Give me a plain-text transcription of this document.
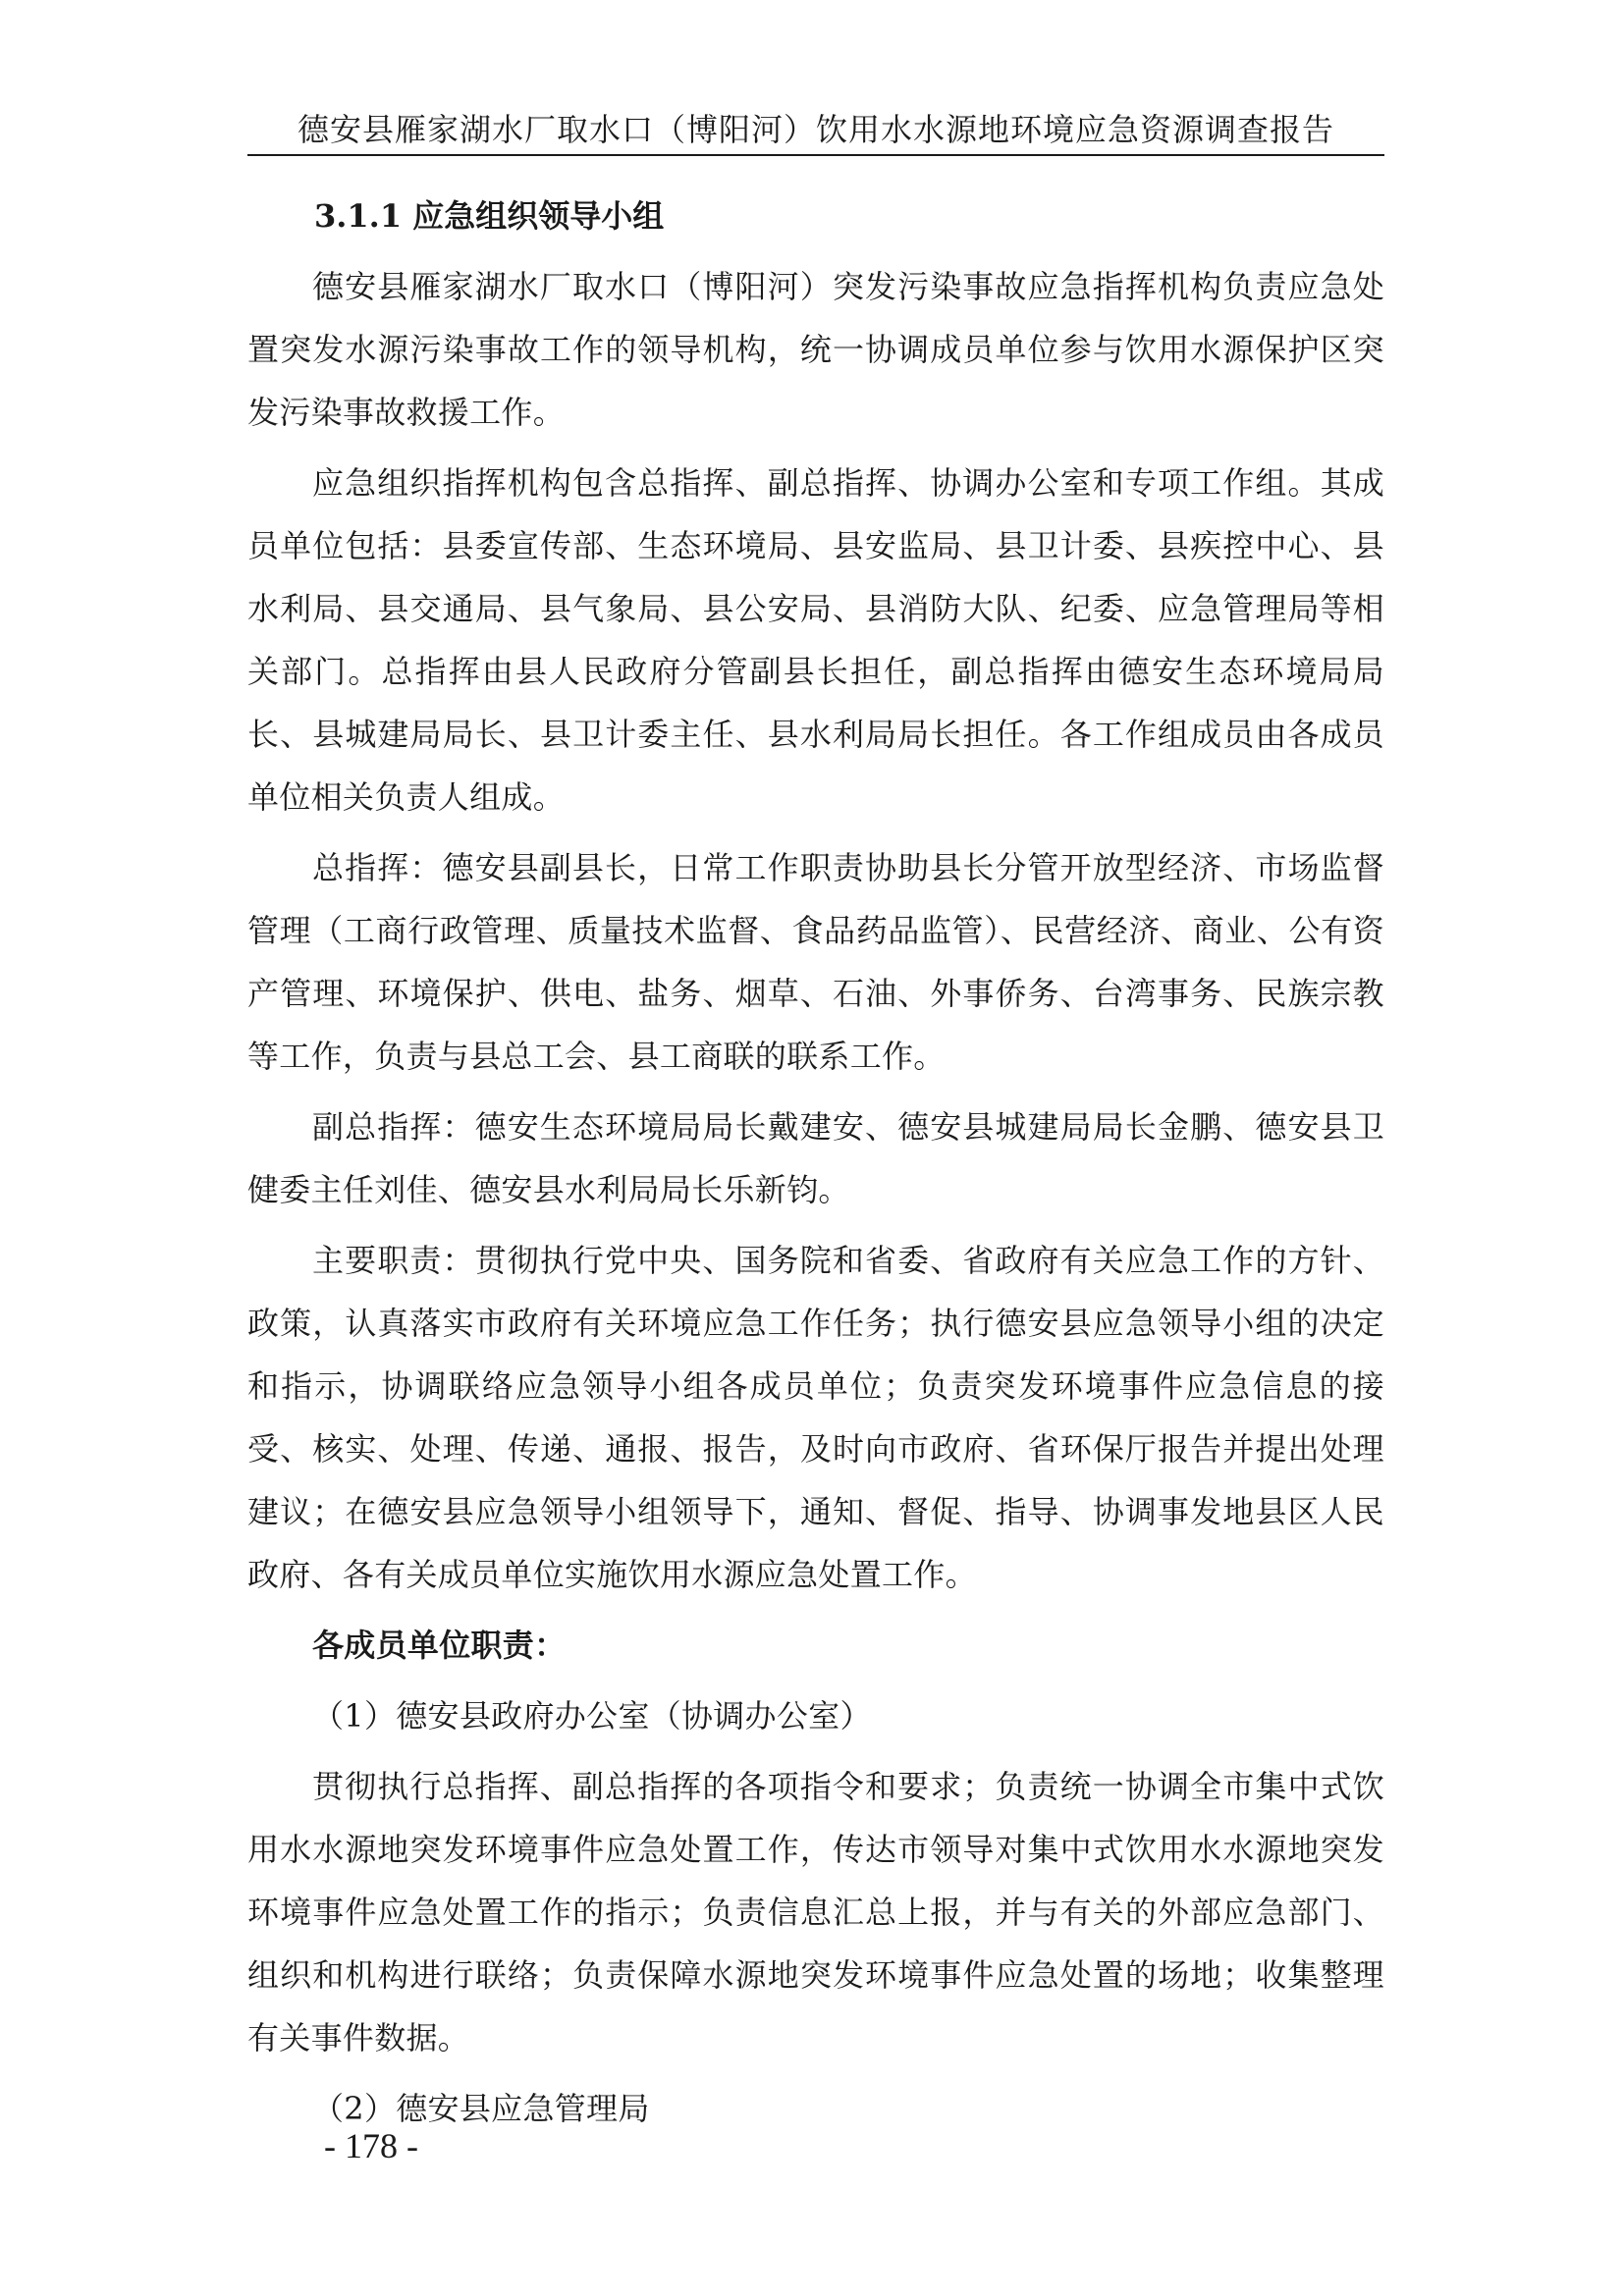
德安县雁家湖水厂取水口（博阳河）饮用水水源地环境应急资源调查报告
3.1.1 应急组织领导小组

德安县雁家湖水厂取水口（博阳河）突发污染事故应急指挥机构负责应急处置突发水源污染事故工作的领导机构，统一协调成员单位参与饮用水源保护区突发污染事故救援工作。

应急组织指挥机构包含总指挥、副总指挥、协调办公室和专项工作组。其成员单位包括：县委宣传部、生态环境局、县安监局、县卫计委、县疾控中心、县水利局、县交通局、县气象局、县公安局、县消防大队、纪委、应急管理局等相关部门。总指挥由县人民政府分管副县长担任，副总指挥由德安生态环境局局长、县城建局局长、县卫计委主任、县水利局局长担任。各工作组成员由各成员单位相关负责人组成。

总指挥：德安县副县长，日常工作职责协助县长分管开放型经济、市场监督管理（工商行政管理、质量技术监督、食品药品监管）、民营经济、商业、公有资产管理、环境保护、供电、盐务、烟草、石油、外事侨务、台湾事务、民族宗教等工作，负责与县总工会、县工商联的联系工作。

副总指挥：德安生态环境局局长戴建安、德安县城建局局长金鹏、德安县卫健委主任刘佳、德安县水利局局长乐新钧。

主要职责：贯彻执行党中央、国务院和省委、省政府有关应急工作的方针、政策，认真落实市政府有关环境应急工作任务；执行德安县应急领导小组的决定和指示，协调联络应急领导小组各成员单位；负责突发环境事件应急信息的接受、核实、处理、传递、通报、报告，及时向市政府、省环保厅报告并提出处理建议；在德安县应急领导小组领导下，通知、督促、指导、协调事发地县区人民政府、各有关成员单位实施饮用水源应急处置工作。

各成员单位职责：

（1）德安县政府办公室（协调办公室）

贯彻执行总指挥、副总指挥的各项指令和要求；负责统一协调全市集中式饮用水水源地突发环境事件应急处置工作，传达市领导对集中式饮用水水源地突发环境事件应急处置工作的指示；负责信息汇总上报，并与有关的外部应急部门、组织和机构进行联络；负责保障水源地突发环境事件应急处置的场地；收集整理有关事件数据。

（2）德安县应急管理局

- 178 -
